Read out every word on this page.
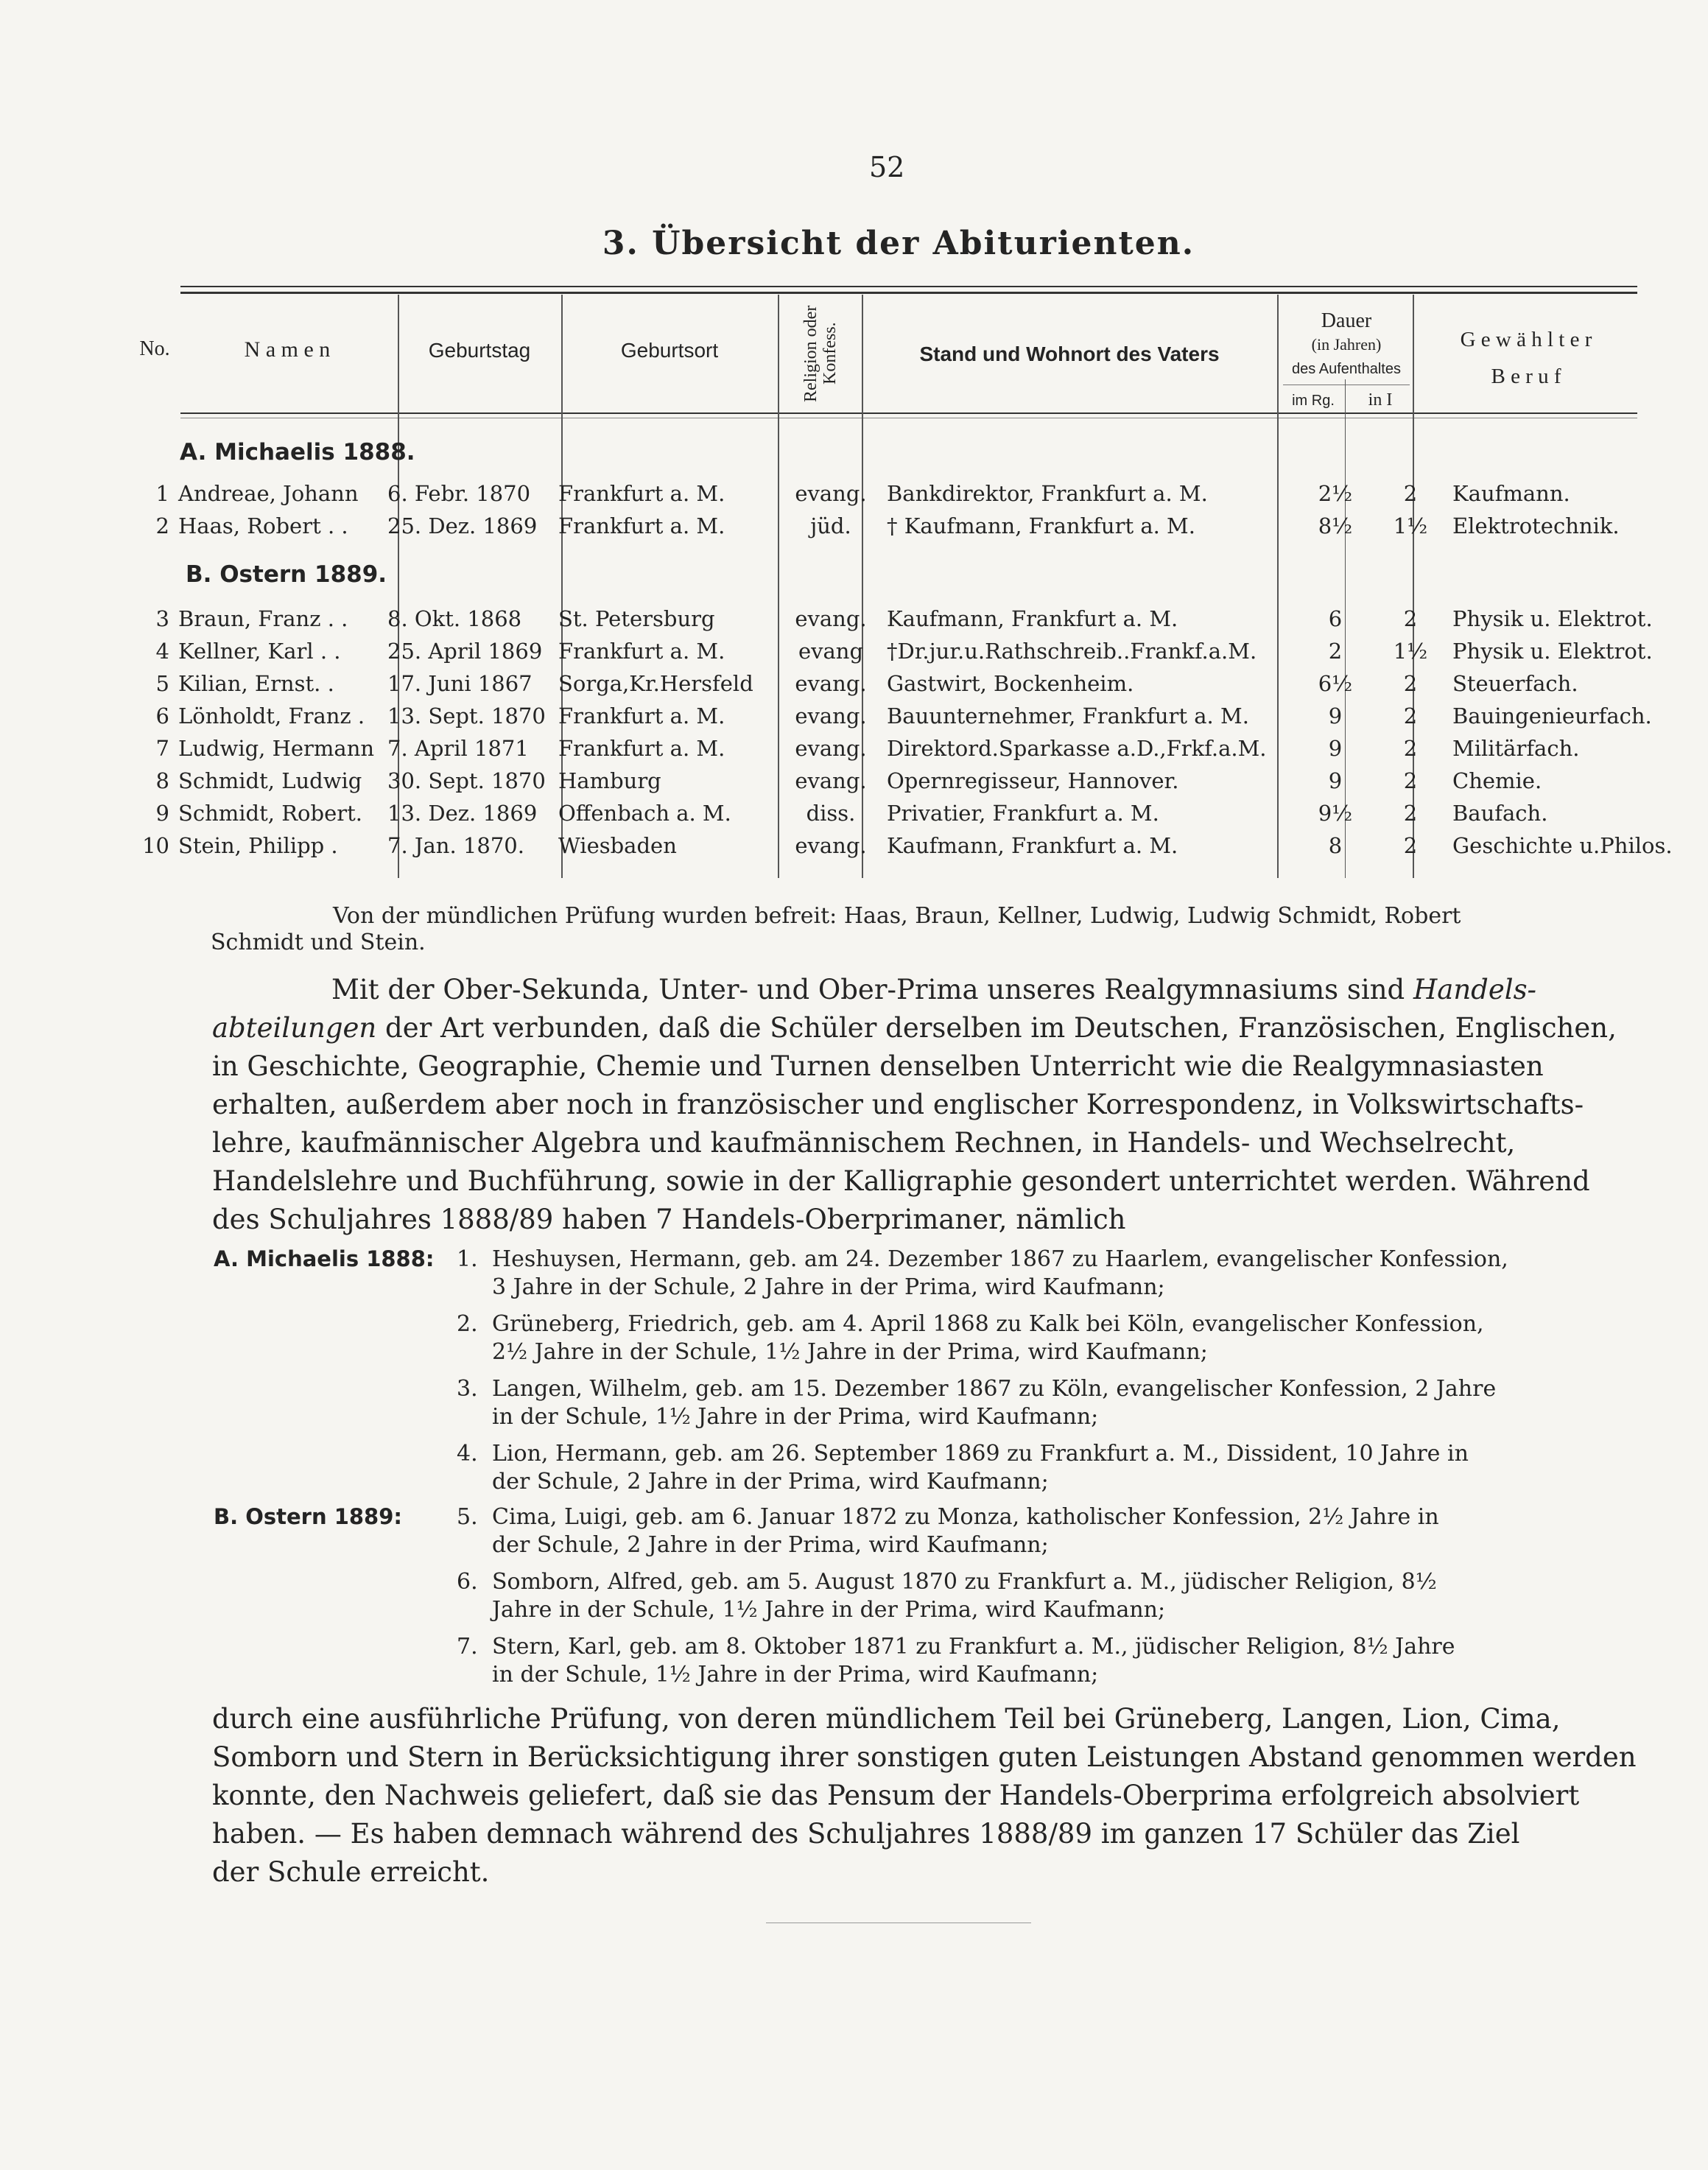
52
3. Übersicht der Abiturienten.
No.	N a m e n	Geburtstag	Geburtsort	Religion oder Konfess.	Stand und Wohnort des Vaters
Dauer
(in Jahren)
des Aufenthaltes
im Rg.	in I
G e w ä h l t e r
B e r u f
A. Michaelis 1888.
B. Ostern 1889.
1	Andreae, Johann	6. Febr. 1870	Frankfurt a. M.	evang.	Bankdirektor, Frankfurt a. M.	2½	2	Kaufmann.
2	Haas, Robert . .	25. Dez. 1869	Frankfurt a. M.	jüd.	† Kaufmann, Frankfurt a. M.	8½	1½	Elektrotechnik.
3	Braun, Franz . .	8. Okt. 1868	St. Petersburg	evang.	Kaufmann, Frankfurt a. M.	6	2	Physik u. Elektrot.
4	Kellner, Karl . .	25. April 1869	Frankfurt a. M.	evang	†Dr.jur.u.Rathschreib..Frankf.a.M.	2	1½	Physik u. Elektrot.
5	Kilian, Ernst. .	17. Juni 1867	Sorga,Kr.Hersfeld	evang.	Gastwirt, Bockenheim.	6½	2	Steuerfach.
6	Lönholdt, Franz .	13. Sept. 1870	Frankfurt a. M.	evang.	Bauunternehmer, Frankfurt a. M.	9	2	Bauingenieurfach.
7	Ludwig, Hermann	7. April 1871	Frankfurt a. M.	evang.	Direktord.Sparkasse a.D.,Frkf.a.M.	9	2	Militärfach.
8	Schmidt, Ludwig	30. Sept. 1870	Hamburg	evang.	Opernregisseur, Hannover.	9	2	Chemie.
9	Schmidt, Robert.	13. Dez. 1869	Offenbach a. M.	diss.	Privatier, Frankfurt a. M.	9½	2	Baufach.
10	Stein, Philipp .	7. Jan. 1870.	Wiesbaden	evang.	Kaufmann, Frankfurt a. M.	8	2	Geschichte u.Philos.
Von der mündlichen Prüfung wurden befreit: Haas, Braun, Kellner, Ludwig, Ludwig Schmidt, Robert
Schmidt und Stein.
Mit der Ober-Sekunda, Unter- und Ober-Prima unseres Realgymnasiums sind Handels-
abteilungen der Art verbunden, daß die Schüler derselben im Deutschen, Französischen, Englischen,
in Geschichte, Geographie, Chemie und Turnen denselben Unterricht wie die Realgymnasiasten
erhalten, außerdem aber noch in französischer und englischer Korrespondenz, in Volkswirtschafts-
lehre, kaufmännischer Algebra und kaufmännischem Rechnen, in Handels- und Wechselrecht,
Handelslehre und Buchführung, sowie in der Kalligraphie gesondert unterrichtet werden. Während
des Schuljahres 1888/89 haben 7 Handels-Oberprimaner, nämlich
A. Michaelis 1888:
B. Ostern 1889:
1. Heshuysen, Hermann, geb. am 24. Dezember 1867 zu Haarlem, evangelischer Konfession,
3 Jahre in der Schule, 2 Jahre in der Prima, wird Kaufmann;
2. Grüneberg, Friedrich, geb. am 4. April 1868 zu Kalk bei Köln, evangelischer Konfession,
2½ Jahre in der Schule, 1½ Jahre in der Prima, wird Kaufmann;
3. Langen, Wilhelm, geb. am 15. Dezember 1867 zu Köln, evangelischer Konfession, 2 Jahre
in der Schule, 1½ Jahre in der Prima, wird Kaufmann;
4. Lion, Hermann, geb. am 26. September 1869 zu Frankfurt a. M., Dissident, 10 Jahre in
der Schule, 2 Jahre in der Prima, wird Kaufmann;
5. Cima, Luigi, geb. am 6. Januar 1872 zu Monza, katholischer Konfession, 2½ Jahre in
der Schule, 2 Jahre in der Prima, wird Kaufmann;
6. Somborn, Alfred, geb. am 5. August 1870 zu Frankfurt a. M., jüdischer Religion, 8½
Jahre in der Schule, 1½ Jahre in der Prima, wird Kaufmann;
7. Stern, Karl, geb. am 8. Oktober 1871 zu Frankfurt a. M., jüdischer Religion, 8½ Jahre
in der Schule, 1½ Jahre in der Prima, wird Kaufmann;
durch eine ausführliche Prüfung, von deren mündlichem Teil bei Grüneberg, Langen, Lion, Cima,
Somborn und Stern in Berücksichtigung ihrer sonstigen guten Leistungen Abstand genommen werden
konnte, den Nachweis geliefert, daß sie das Pensum der Handels-Oberprima erfolgreich absolviert
haben. — Es haben demnach während des Schuljahres 1888/89 im ganzen 17 Schüler das Ziel
der Schule erreicht.
